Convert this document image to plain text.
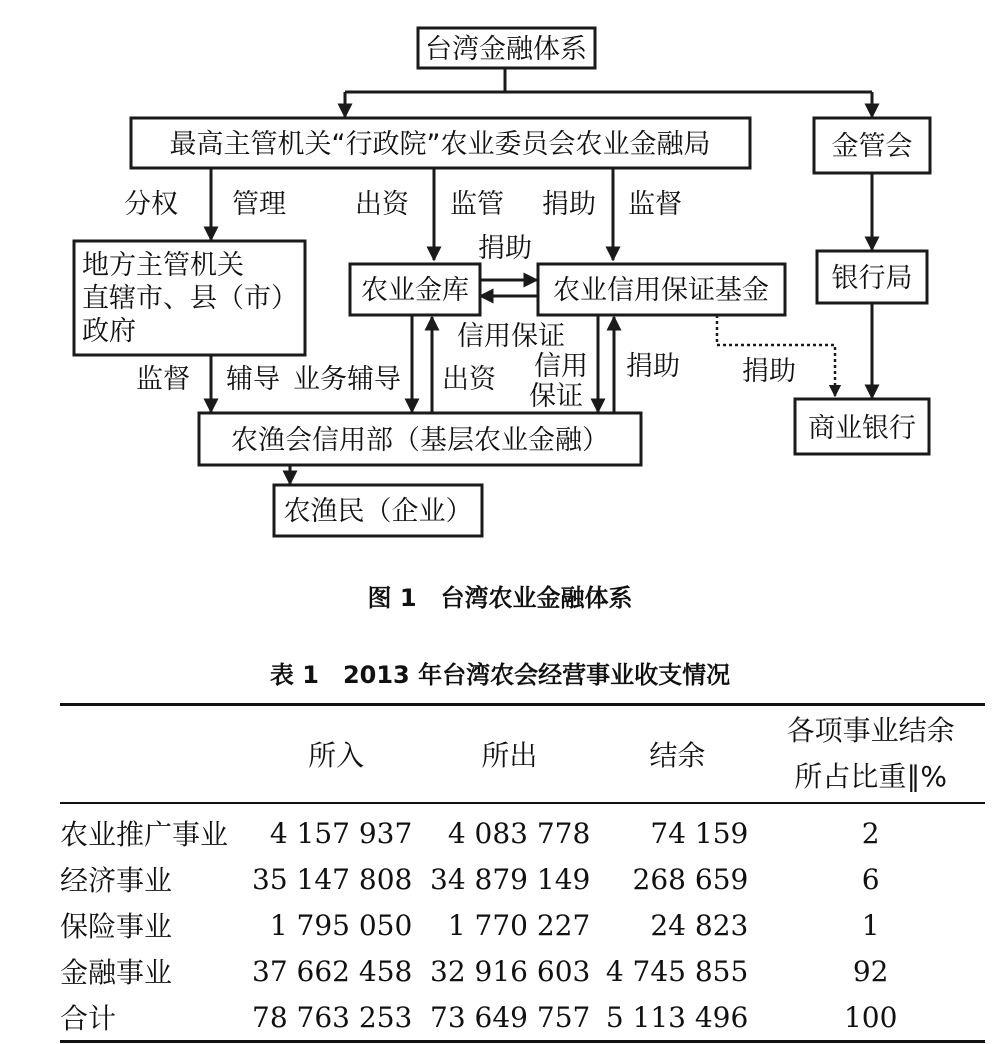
台湾金融体系
最高主管机关“行政院”农业委员会农业金融局	金管会
地方主管机关
直辖市、县（市）
政府
农业金库	农业信用保证基金 银行局
农渔会信用部（基层农业金融）	商业银行
农渔民（企业）
分权 管理	出资 监管 捐助 监督
捐助
信用保证
信用
保证
捐助 捐助
监督 辅导 业务辅导 出资
图 1　台湾农业金融体系
表 1　2013 年台湾农会经营事业收支情况
	所入	所出	结余	各项事业结余
所占比重∥%

农业推广事业	4 157 937	4 083 778	74 159	2
经济事业	35 147 808	34 879 149	268 659	6
保险事业	1 795 050	1 770 227	24 823	1
金融事业	37 662 458	32 916 603	4 745 855	92
合计	78 763 253	73 649 757	5 113 496	100
